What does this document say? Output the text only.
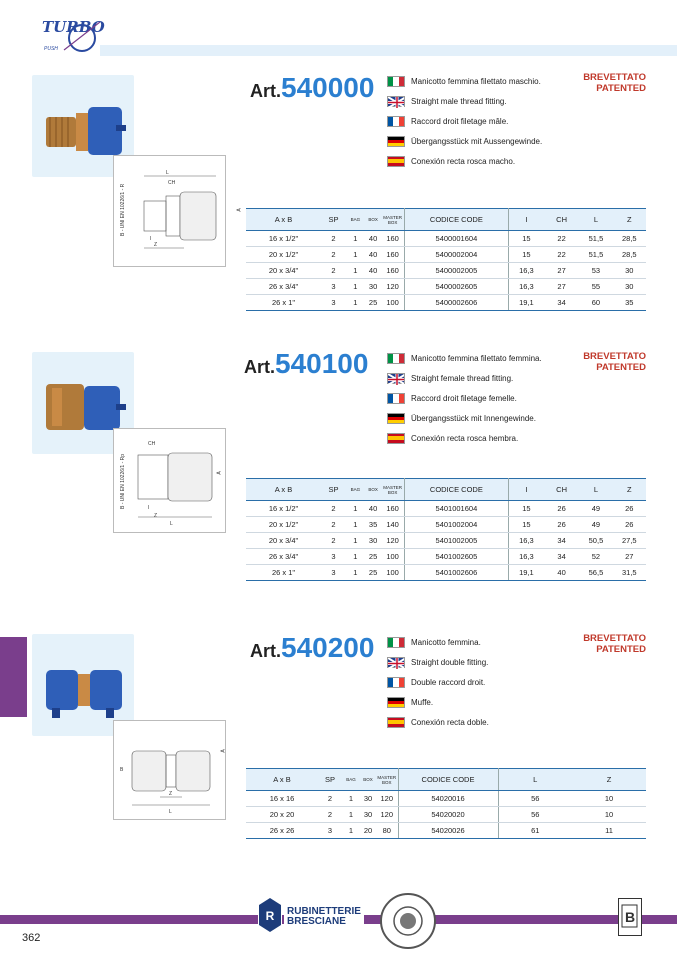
TURBO
PUSH
B - UNI EN 10226/1 - R
CH
L
Z
I
A
Art.540000	Manicotto femmina filettato maschio.
Straight male thread fitting.
Raccord droit filetage mâle.
Übergangsstück mit Aussengewinde.
Conexión recta rosca macho.
BREVETTATO
PATENTED
A x B	SP	BAG	BOX	MASTER BOX	CODICE CODE	I	CH	L	Z
16 x 1/2"	2	1	40	160	5400001604	15	22	51,5	28,5
20 x 1/2"	2	1	40	160	5400002004	15	22	51,5	28,5
20 x 3/4"	2	1	40	160	5400002005	16,3	27	53	30
26 x 3/4"	3	1	30	120	5400002605	16,3	27	55	30
26 x 1"	3	1	25	100	5400002606	19,1	34	60	35
B - UNI EN 10226/1 - Rp
CH
L
I
Z
A
Art.540100	Manicotto femmina filettato femmina.
Straight female thread fitting.
Raccord droit filetage femelle.
Übergangsstück mit Innengewinde.
Conexión recta rosca hembra.
BREVETTATO
PATENTED
A x B	SP	BAG	BOX	MASTER BOX	CODICE CODE	I	CH	L	Z
16 x 1/2"	2	1	40	160	5401001604	15	26	49	26
20 x 1/2"	2	1	35	140	5401002004	15	26	49	26
20 x 3/4"	2	1	30	120	5401002005	16,3	34	50,5	27,5
26 x 3/4"	3	1	25	100	5401002605	16,3	34	52	27
26 x 1"	3	1	25	100	5401002606	19,1	40	56,5	31,5
B
Z
L
A
Art.540200	Manicotto femmina.
Straight double fitting.
Double raccord droit.
Muffe.
Conexión recta doble.
BREVETTATO
PATENTED
A x B	SP	BAG	BOX	MASTER BOX	CODICE CODE	L	Z
16 x 16	2	1	30	120	54020016	56	10
20 x 20	2	1	30	120	54020020	56	10
26 x 26	3	1	20	80	54020026	61	11
362
R RUBINETTERIE
BRESCIANE	B
